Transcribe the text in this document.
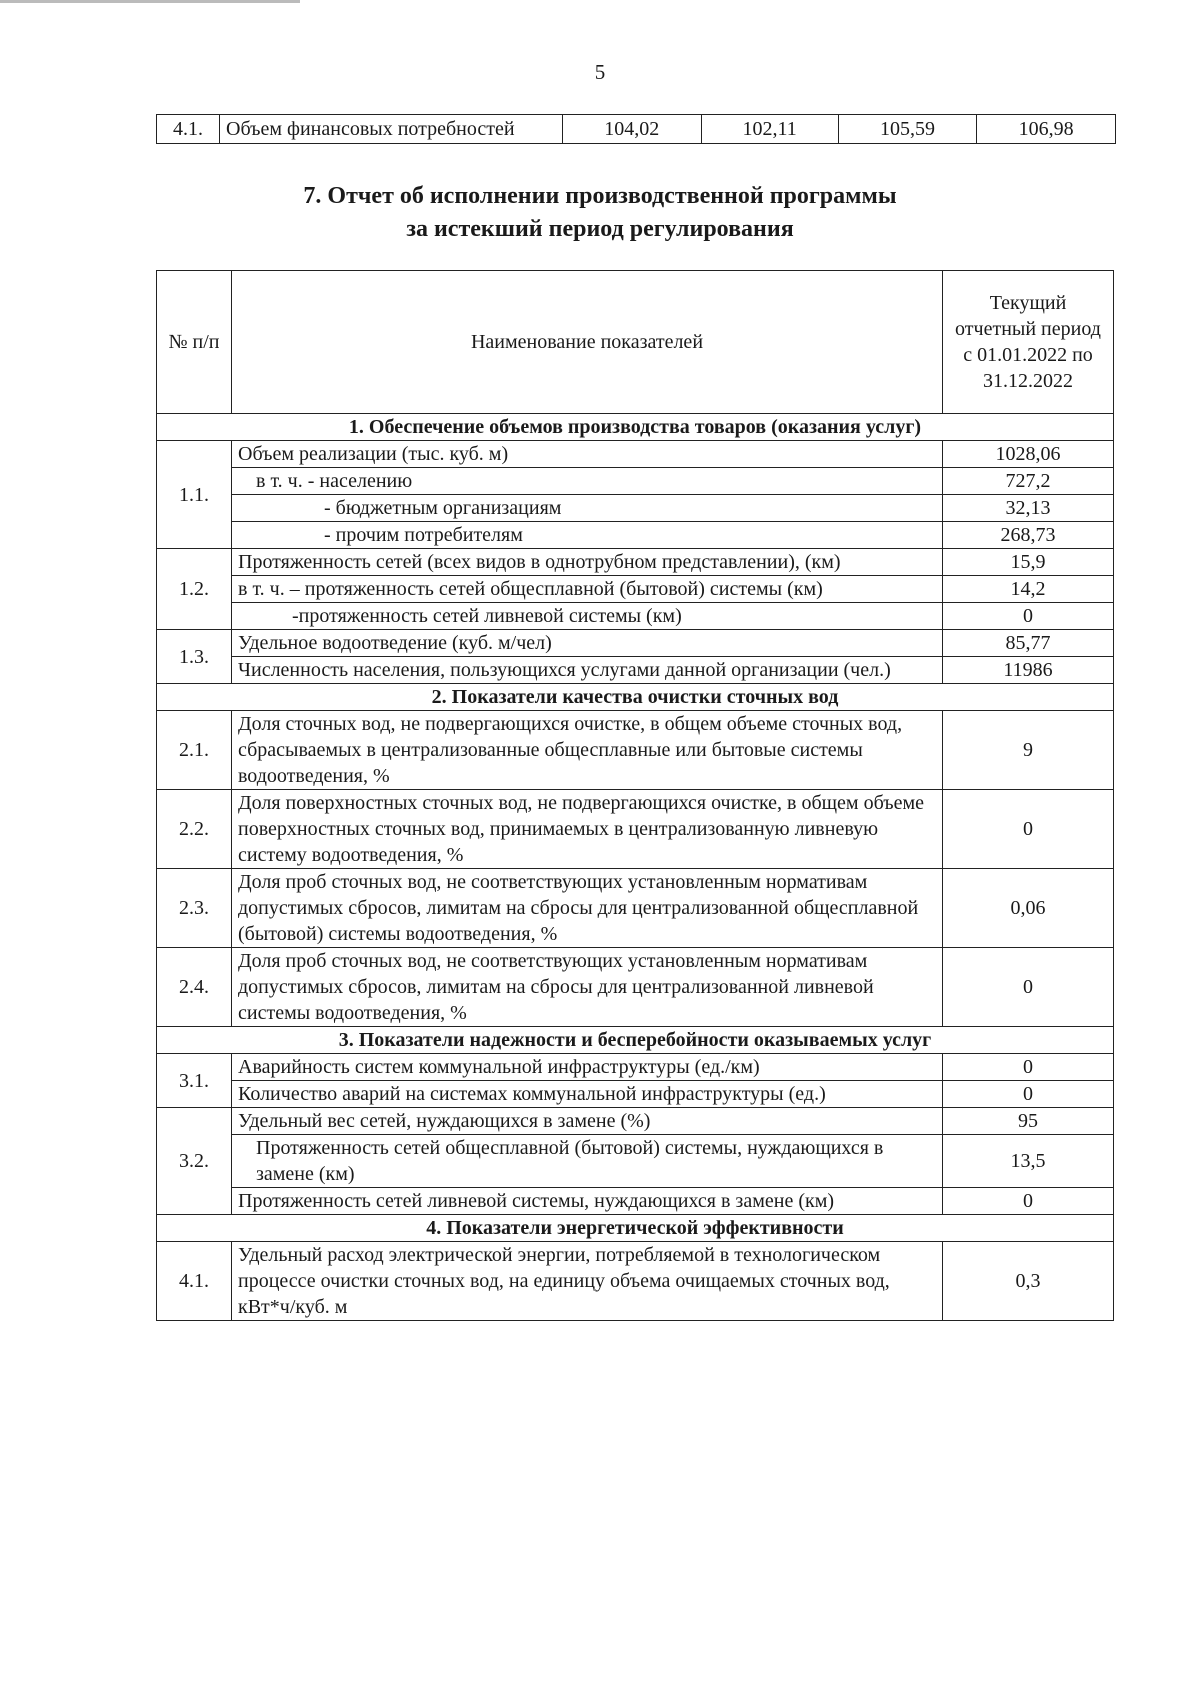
5
4.1.	Объем финансовых потребностей	104,02	102,11	105,59	106,98
7. Отчет об исполнении производственной программы
за истекший период регулирования
№ п/п	Наименование показателей	Текущий отчетный период с 01.01.2022 по 31.12.2022
1. Обеспечение объемов производства товаров (оказания услуг)		
1.1.	Объем реализации (тыс. куб. м)	1028,06
	в т. ч. - населению	727,2
	- бюджетным организациям	32,13
	- прочим потребителям	268,73
1.2.	Протяженность сетей (всех видов в однотрубном представлении), (км)	15,9
	в т. ч. – протяженность сетей общесплавной (бытовой) системы (км)	14,2
	-протяженность сетей ливневой системы (км)	0
1.3.	Удельное водоотведение (куб. м/чел)	85,77
	Численность населения, пользующихся услугами данной организации (чел.)	11986
2. Показатели качества очистки сточных вод		
2.1.	Доля сточных вод, не подвергающихся очистке, в общем объеме сточных вод, сбрасываемых в централизованные общесплавные или бытовые системы водоотведения, %	9
2.2.	Доля поверхностных сточных вод, не подвергающихся очистке, в общем объеме поверхностных сточных вод, принимаемых в централизованную ливневую систему водоотведения, %	0
2.3.	Доля проб сточных вод, не соответствующих установленным нормативам допустимых сбросов, лимитам на сбросы для централизованной общесплавной (бытовой) системы водоотведения, %	0,06
2.4.	Доля проб сточных вод, не соответствующих установленным нормативам допустимых сбросов, лимитам на сбросы для централизованной ливневой системы водоотведения, %	0
3. Показатели надежности и бесперебойности оказываемых услуг		
3.1.	Аварийность систем коммунальной инфраструктуры (ед./км)	0
	Количество аварий на системах коммунальной инфраструктуры (ед.)	0
3.2.	Удельный вес сетей, нуждающихся в замене (%)	95
	Протяженность сетей общесплавной (бытовой) системы, нуждающихся в замене (км)	13,5
	Протяженность сетей ливневой системы, нуждающихся в замене (км)	0
4. Показатели энергетической эффективности		
4.1.	Удельный расход электрической энергии, потребляемой в технологическом процессе очистки сточных вод, на единицу объема очищаемых сточных вод, кВт*ч/куб. м	0,3
